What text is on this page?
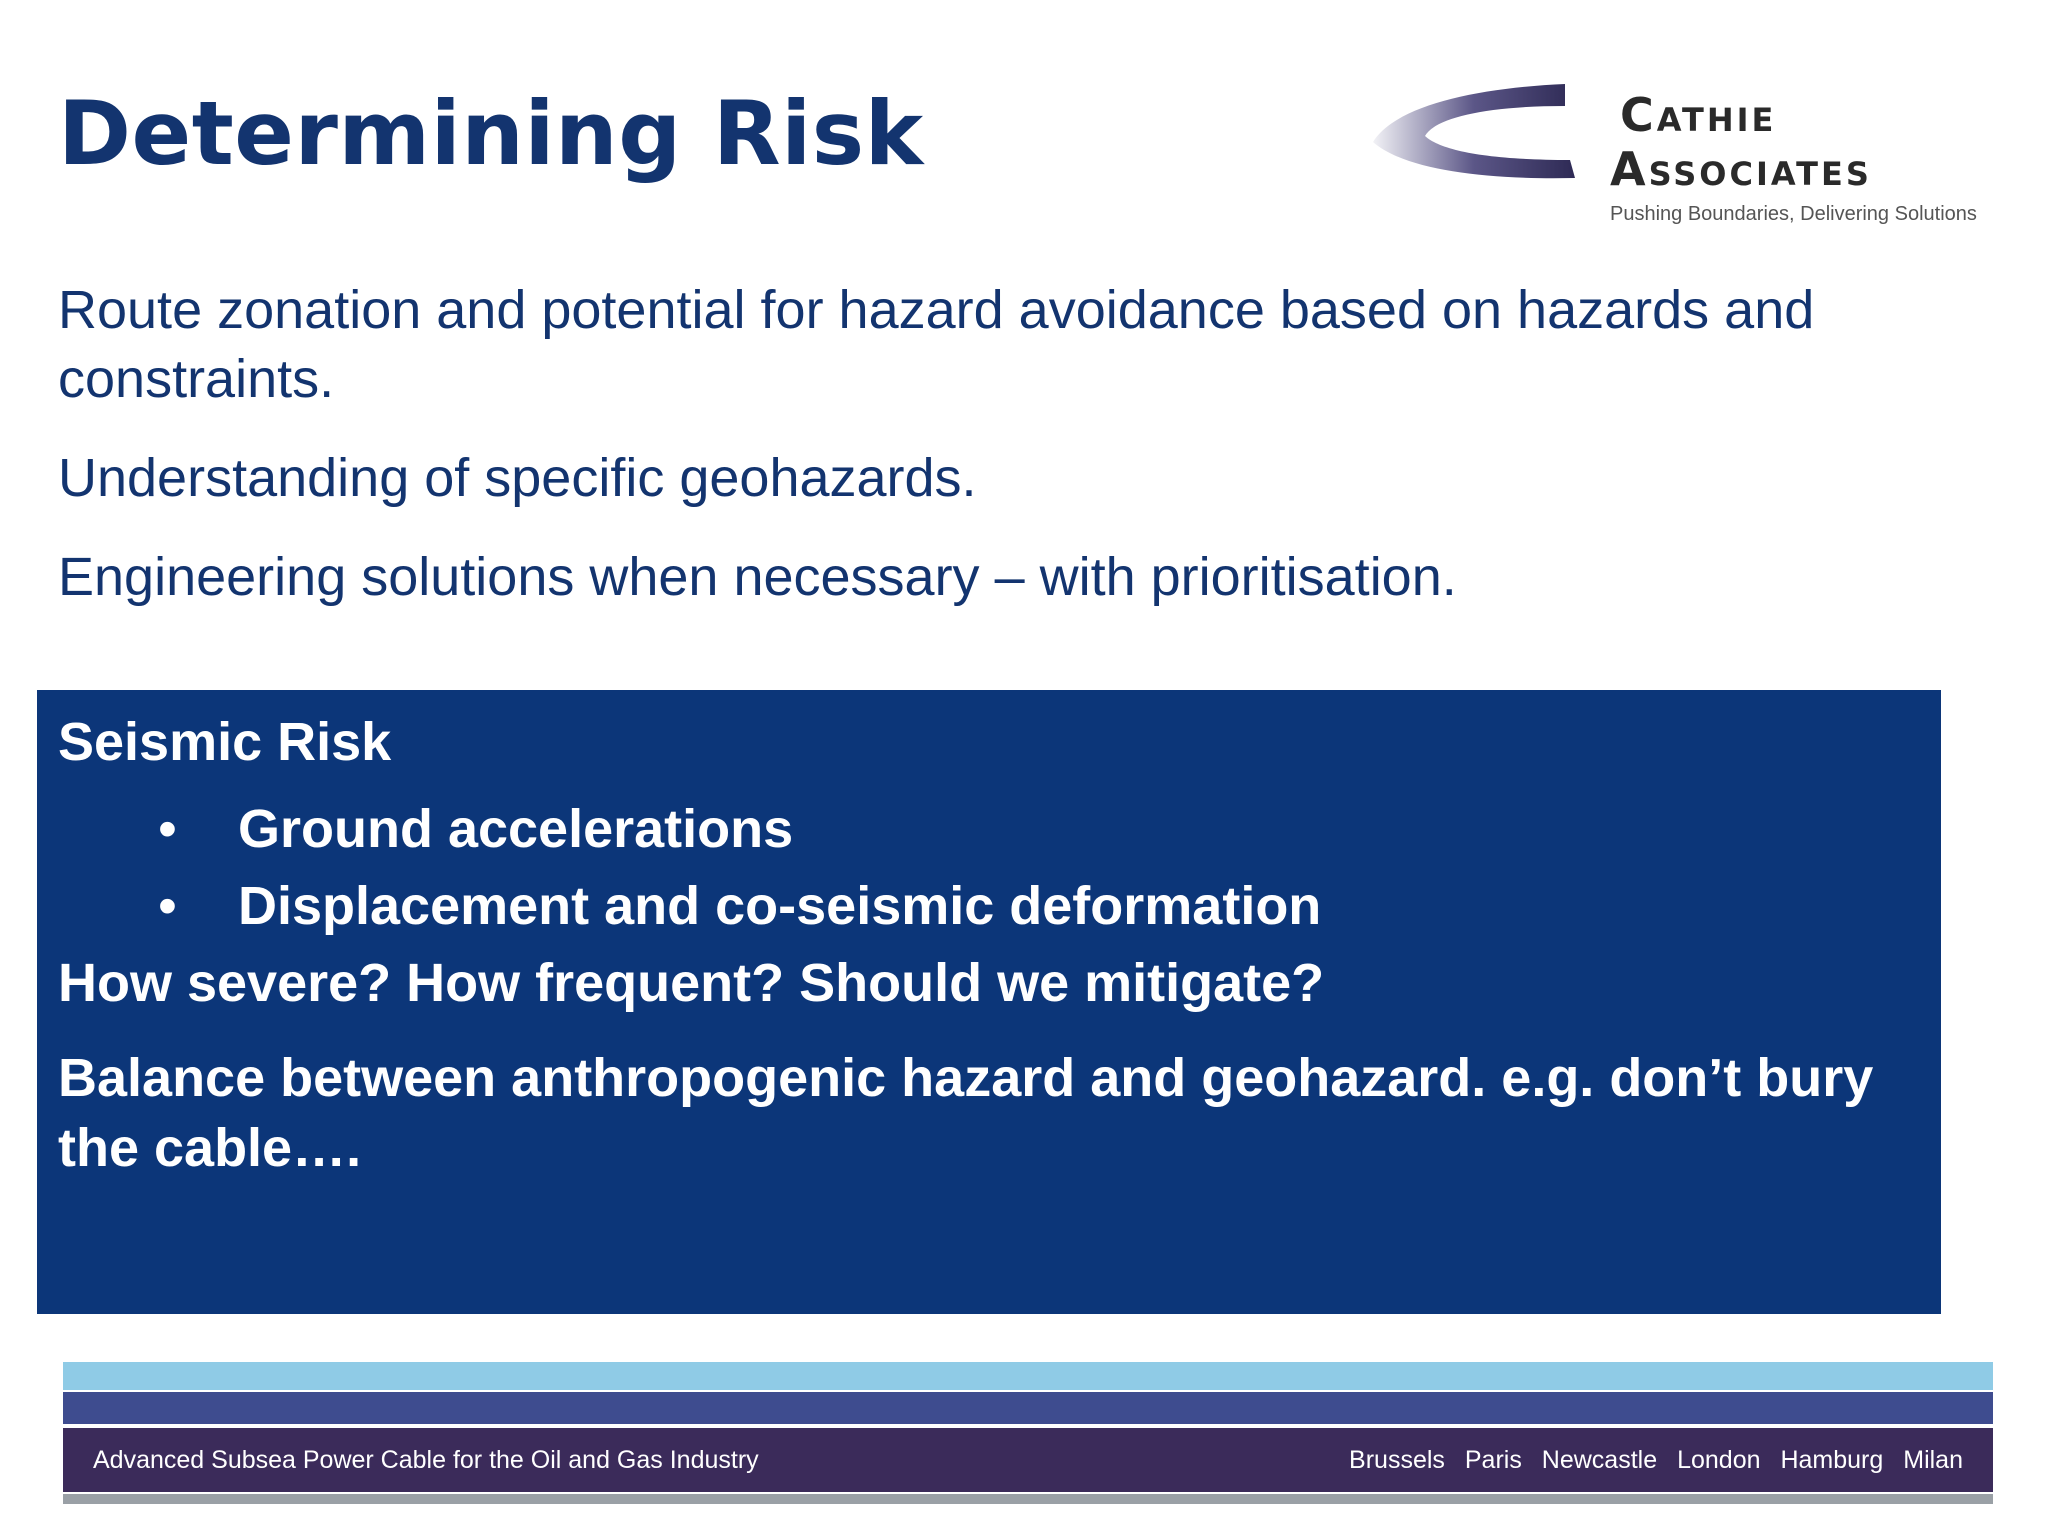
Determining Risk	Cathie
Associates
Pushing Boundaries, Delivering Solutions

Route zonation and potential for hazard avoidance based on hazards and constraints.

Understanding of specific geohazards.

Engineering solutions when necessary – with prioritisation.

Seismic Risk
• Ground accelerations
• Displacement and co-seismic deformation

How severe? How frequent? Should we mitigate?

Balance between anthropogenic hazard and geohazard. e.g. don’t bury the cable….

Advanced Subsea Power Cable for the Oil and Gas Industry	Brussels Paris Newcastle London Hamburg Milan
